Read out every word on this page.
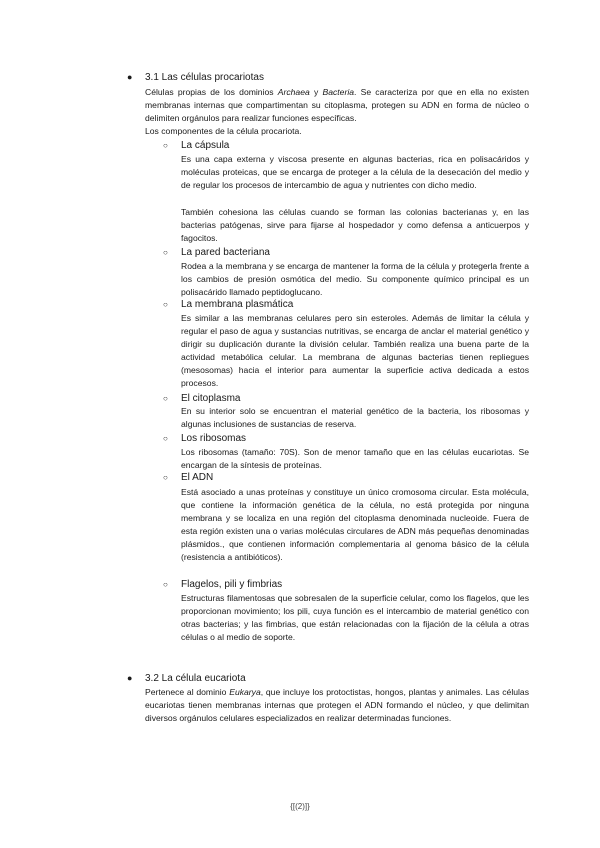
● 3.1 Las células procariotas

Células propias de los dominios Archaea y Bacteria. Se caracteriza por que en ella no existen membranas internas que compartimentan su citoplasma, protegen su ADN en forma de núcleo o delimiten orgánulos para realizar funciones específicas.

Los componentes de la célula procariota.
○ La cápsula

Es una capa externa y viscosa presente en algunas bacterias, rica en polisacáridos y moléculas proteicas, que se encarga de proteger a la célula de la desecación del medio y de regular los procesos de intercambio de agua y nutrientes con dicho medio.

También cohesiona las células cuando se forman las colonias bacterianas y, en las bacterias patógenas, sirve para fijarse al hospedador y como defensa a anticuerpos y fagocitos.

○ La pared bacteriana

Rodea a la membrana y se encarga de mantener la forma de la célula y protegerla frente a los cambios de presión osmótica del medio. Su componente químico principal es un polisacárido llamado peptidoglucano.

○ La membrana plasmática

Es similar a las membranas celulares pero sin esteroles. Además de limitar la célula y regular el paso de agua y sustancias nutritivas, se encarga de anclar el material genético y dirigir su duplicación durante la división celular. También realiza una buena parte de la actividad metabólica celular. La membrana de algunas bacterias tienen repliegues (mesosomas) hacia el interior para aumentar la superficie activa dedicada a estos procesos.

○ El citoplasma

En su interior solo se encuentran el material genético de la bacteria, los ribosomas y algunas inclusiones de sustancias de reserva.

○ Los ribosomas

Los ribosomas (tamaño: 70S). Son de menor tamaño que en las células eucariotas. Se encargan de la síntesis de proteínas.

○ El ADN

Está asociado a unas proteínas y constituye un único cromosoma circular. Esta molécula, que contiene la información genética de la célula, no está protegida por ninguna membrana y se localiza en una región del citoplasma denominada nucleoide. Fuera de esta región existen una o varias moléculas circulares de ADN más pequeñas denominadas plásmidos., que contienen información complementaria al genoma básico de la célula (resistencia a antibióticos).

○ Flagelos, pili y fimbrias

Estructuras filamentosas que sobresalen de la superficie celular, como los flagelos, que les proporcionan movimiento; los pili, cuya función es el intercambio de material genético con otras bacterias; y las fimbrias, que están relacionadas con la fijación de la célula a otras células o al medio de soporte.

● 3.2 La célula eucariota

Pertenece al dominio Eukarya, que incluye los protoctistas, hongos, plantas y animales. Las células eucariotas tienen membranas internas que protegen el ADN formando el núcleo, y que delimitan diversos orgánulos celulares especializados en realizar determinadas funciones.

{[(2)]}
